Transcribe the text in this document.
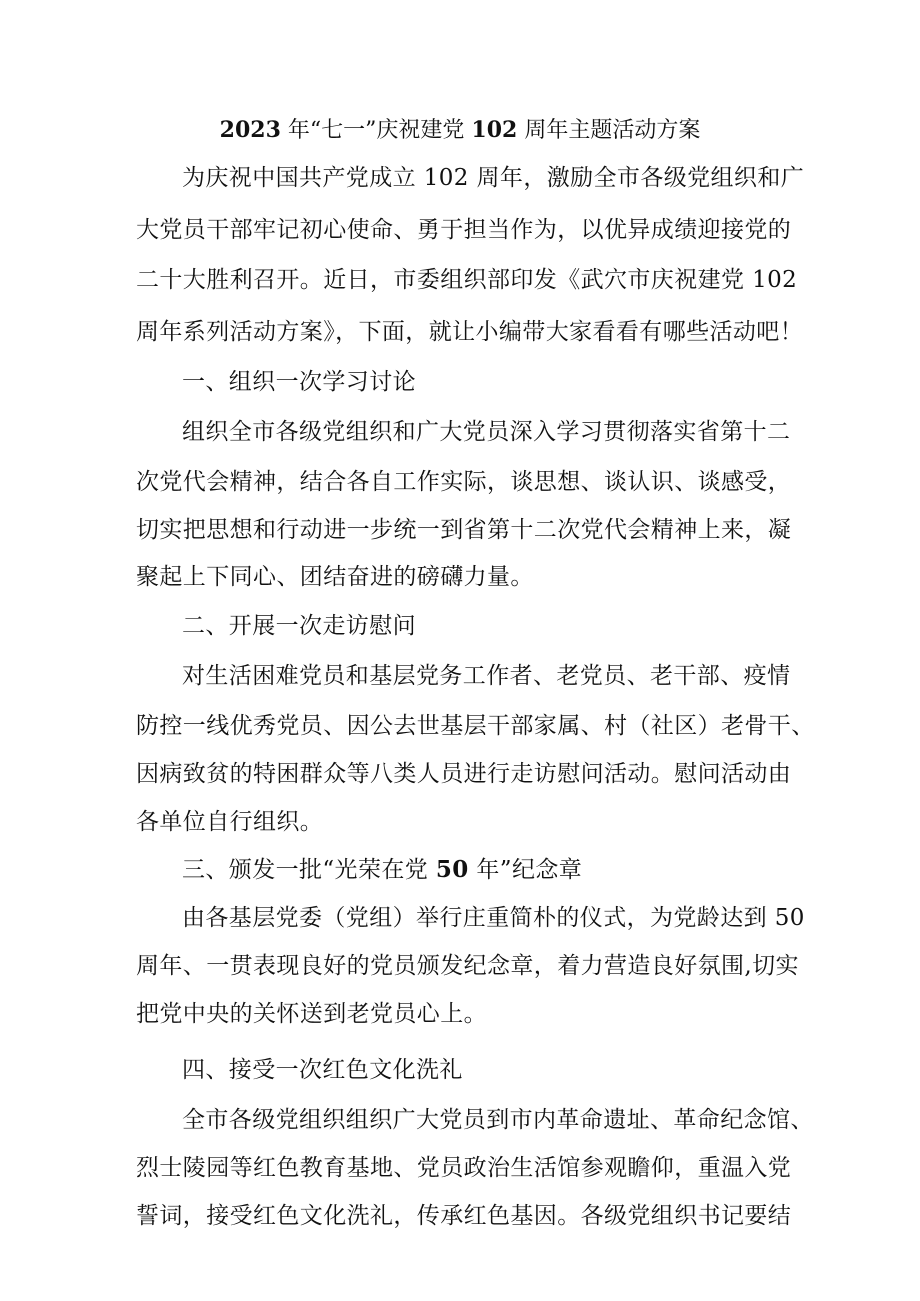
2023 年“七一”庆祝建党 102 周年主题活动方案
为庆祝中国共产党成立 102 周年，激励全市各级党组织和广
大党员干部牢记初心使命、勇于担当作为，以优异成绩迎接党的
二十大胜利召开。近日，市委组织部印发《武穴市庆祝建党 102
周年系列活动方案》，下面，就让小编带大家看看有哪些活动吧！
一、组织一次学习讨论
组织全市各级党组织和广大党员深入学习贯彻落实省第十二
次党代会精神，结合各自工作实际，谈思想、谈认识、谈感受，
切实把思想和行动进一步统一到省第十二次党代会精神上来，凝
聚起上下同心、团结奋进的磅礴力量。
二、开展一次走访慰问
对生活困难党员和基层党务工作者、老党员、老干部、疫情
防控一线优秀党员、因公去世基层干部家属、村（社区）老骨干、
因病致贫的特困群众等八类人员进行走访慰问活动。慰问活动由
各单位自行组织。
三、颁发一批“光荣在党 50 年”纪念章
由各基层党委（党组）举行庄重简朴的仪式，为党龄达到 50
周年、一贯表现良好的党员颁发纪念章，着力营造良好氛围,切实
把党中央的关怀送到老党员心上。
四、接受一次红色文化洗礼
全市各级党组织组织广大党员到市内革命遗址、革命纪念馆、
烈士陵园等红色教育基地、党员政治生活馆参观瞻仰，重温入党
誓词，接受红色文化洗礼，传承红色基因。各级党组织书记要结
